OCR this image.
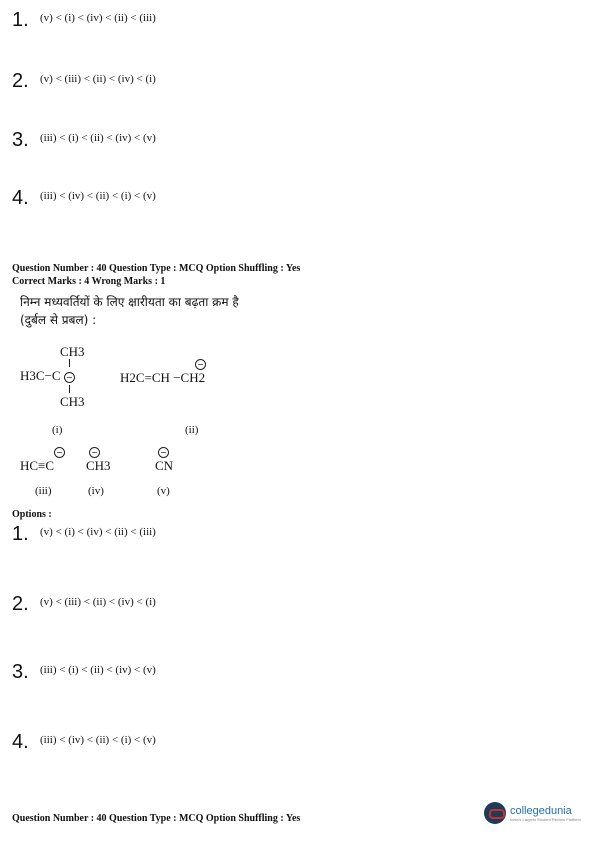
1.	(v) < (i) < (iv) < (ii) < (iii)
2.	(v) < (iii) < (ii) < (iv) < (i)
3.	(iii) < (i) < (ii) < (iv) < (v)
4.	(iii) < (iv) < (ii) < (i) < (v)
Question Number : 40 Question Type : MCQ Option Shuffling : Yes
Correct Marks : 4 Wrong Marks : 1
निम्न मध्यवर्तियों के लिए क्षारीयता का बढ़ता क्रम है
(दुर्बल से प्रबल) :
CH3
H3C−C −
CH3
−
H2C=CH −CH2
(i)	(ii)
−
HC≡C
−
CH3
−
CN
(iii)	(iv)	(v)
Options :
1.	(v) < (i) < (iv) < (ii) < (iii)
2.	(v) < (iii) < (ii) < (iv) < (i)
3.	(iii) < (i) < (ii) < (iv) < (v)
4.	(iii) < (iv) < (ii) < (i) < (v)
Question Number : 40 Question Type : MCQ Option Shuffling : Yes
collegedunia
India's Largest Student Review Platform
